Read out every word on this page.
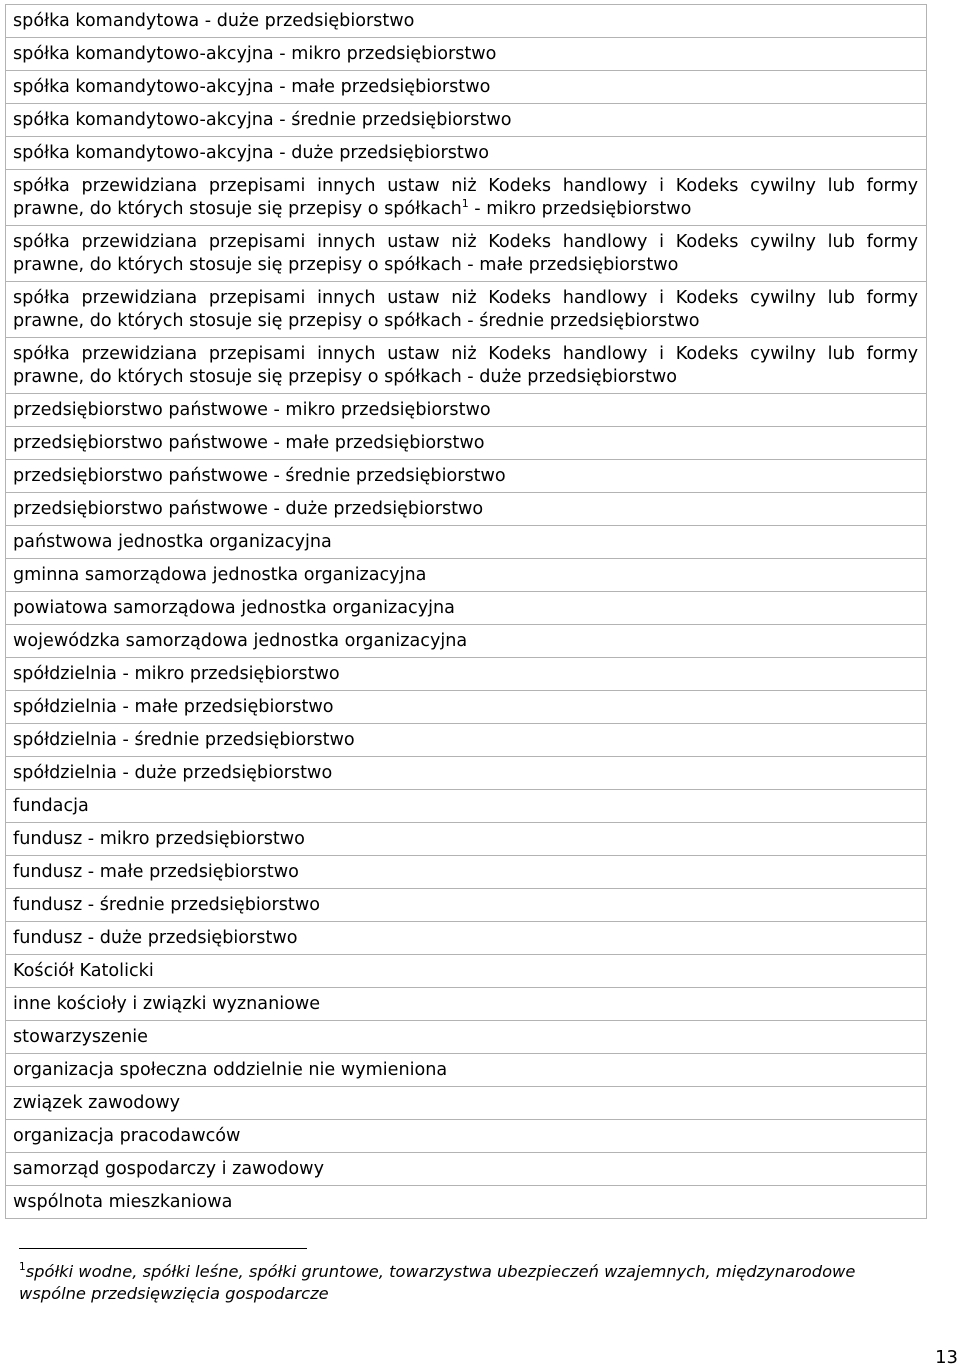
spółka komandytowa - duże przedsiębiorstwo
spółka komandytowo-akcyjna - mikro przedsiębiorstwo
spółka komandytowo-akcyjna - małe przedsiębiorstwo
spółka komandytowo-akcyjna - średnie przedsiębiorstwo
spółka komandytowo-akcyjna - duże przedsiębiorstwo
spółka przewidziana przepisami innych ustaw niż Kodeks handlowy i Kodeks cywilny lub formy prawne, do których stosuje się przepisy o spółkach$^1$ - mikro przedsiębiorstwo
spółka przewidziana przepisami innych ustaw niż Kodeks handlowy i Kodeks cywilny lub formy prawne, do których stosuje się przepisy o spółkach - małe przedsiębiorstwo
spółka przewidziana przepisami innych ustaw niż Kodeks handlowy i Kodeks cywilny lub formy prawne, do których stosuje się przepisy o spółkach - średnie przedsiębiorstwo
spółka przewidziana przepisami innych ustaw niż Kodeks handlowy i Kodeks cywilny lub formy prawne, do których stosuje się przepisy o spółkach - duże przedsiębiorstwo
przedsiębiorstwo państwowe - mikro przedsiębiorstwo
przedsiębiorstwo państwowe - małe przedsiębiorstwo
przedsiębiorstwo państwowe - średnie przedsiębiorstwo
przedsiębiorstwo państwowe - duże przedsiębiorstwo
państwowa jednostka organizacyjna
gminna samorządowa jednostka organizacyjna
powiatowa samorządowa jednostka organizacyjna
wojewódzka samorządowa jednostka organizacyjna
spółdzielnia - mikro przedsiębiorstwo
spółdzielnia - małe przedsiębiorstwo
spółdzielnia - średnie przedsiębiorstwo
spółdzielnia - duże przedsiębiorstwo
fundacja
fundusz - mikro przedsiębiorstwo
fundusz - małe przedsiębiorstwo
fundusz - średnie przedsiębiorstwo
fundusz - duże przedsiębiorstwo
Kościół Katolicki
inne kościoły i związki wyznaniowe
stowarzyszenie
organizacja społeczna oddzielnie nie wymieniona
związek zawodowy
organizacja pracodawców
samorząd gospodarczy i zawodowy
wspólnota mieszkaniowa
$^1$spółki wodne, spółki leśne, spółki gruntowe, towarzystwa ubezpieczeń wzajemnych, międzynarodowe wspólne przedsięwzięcia gospodarcze
13
